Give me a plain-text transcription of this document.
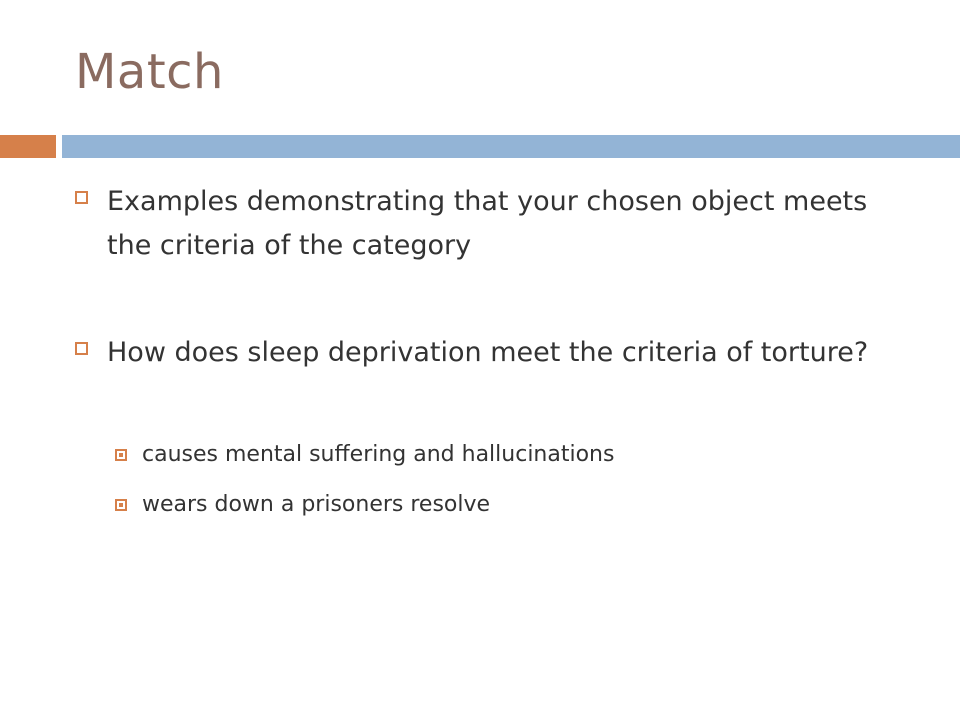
Match
Examples demonstrating that your chosen object meets the criteria of the category
How does sleep deprivation meet the criteria of torture?
causes mental suffering and hallucinations
wears down a prisoners resolve
